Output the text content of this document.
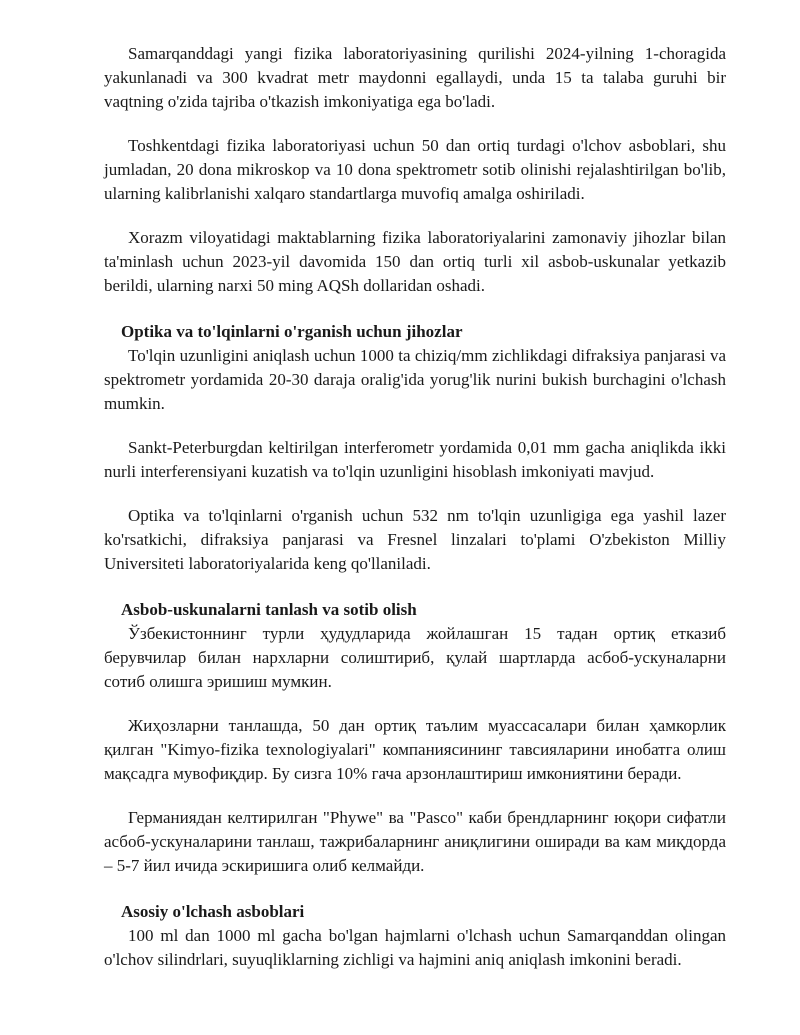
Samarqanddagi yangi fizika laboratoriyasining qurilishi 2024-yilning 1-choragida yakunlanadi va 300 kvadrat metr maydonni egallaydi, unda 15 ta talaba guruhi bir vaqtning o'zida tajriba o'tkazish imkoniyatiga ega bo'ladi.

Toshkentdagi fizika laboratoriyasi uchun 50 dan ortiq turdagi o'lchov asboblari, shu jumladan, 20 dona mikroskop va 10 dona spektrometr sotib olinishi rejalashtirilgan bo'lib, ularning kalibrlanishi xalqaro standartlarga muvofiq amalga oshiriladi.

Xorazm viloyatidagi maktablarning fizika laboratoriyalarini zamonaviy jihozlar bilan ta'minlash uchun 2023-yil davomida 150 dan ortiq turli xil asbob-uskunalar yetkazib berildi, ularning narxi 50 ming AQSh dollaridan oshadi.

Optika va to'lqinlarni o'rganish uchun jihozlar

To'lqin uzunligini aniqlash uchun 1000 ta chiziq/mm zichlikdagi difraksiya panjarasi va spektrometr yordamida 20-30 daraja oralig'ida yorug'lik nurini bukish burchagini o'lchash mumkin.

Sankt-Peterburgdan keltirilgan interferometr yordamida 0,01 mm gacha aniqlikda ikki nurli interferensiyani kuzatish va to'lqin uzunligini hisoblash imkoniyati mavjud.

Optika va to'lqinlarni o'rganish uchun 532 nm to'lqin uzunligiga ega yashil lazer ko'rsatkichi, difraksiya panjarasi va Fresnel linzalari to'plami O'zbekiston Milliy Universiteti laboratoriyalarida keng qo'llaniladi.

Asbob-uskunalarni tanlash va sotib olish

Ўзбекистоннинг турли ҳудудларида жойлашган 15 тадан ортиқ етказиб берувчилар билан нархларни солиштириб, қулай шартларда асбоб-ускуналарни сотиб олишга эришиш мумкин.

Жиҳозларни танлашда, 50 дан ортиқ таълим муассасалари билан ҳамкорлик қилган "Kimyo-fizika texnologiyalari" компаниясининг тавсияларини инобатга олиш мақсадга мувофиқдир. Бу сизга 10% гача арзонлаштириш имкониятини беради.

Германиядан келтирилган "Phywe" ва "Pasco" каби брендларнинг юқори сифатли асбоб-ускуналарини танлаш, тажрибаларнинг аниқлигини оширади ва кам миқдорда – 5-7 йил ичида эскиришига олиб келмайди.

Asosiy o'lchash asboblari

100 ml dan 1000 ml gacha bo'lgan hajmlarni o'lchash uchun Samarqanddan olingan o'lchov silindrlari, suyuqliklarning zichligi va hajmini aniq aniqlash imkonini beradi.
